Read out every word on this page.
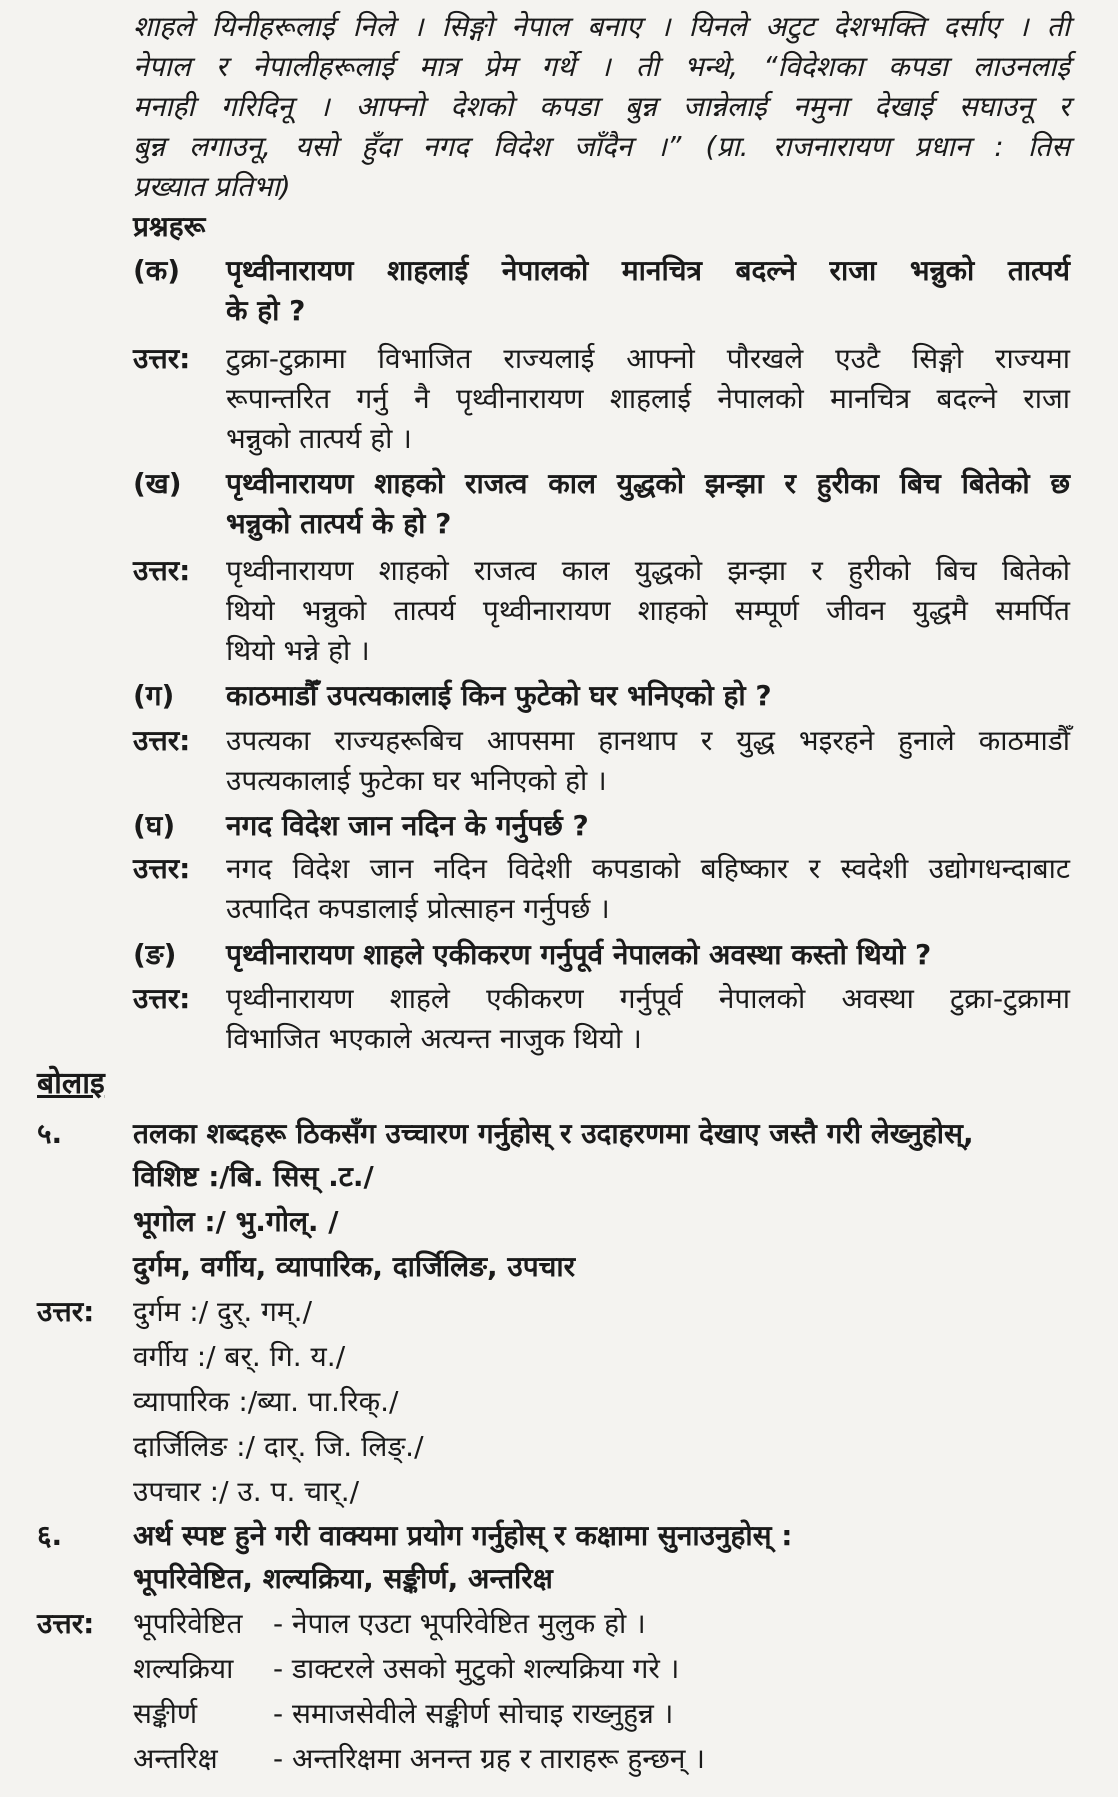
शाहले यिनीहरूलाई निले । सिङ्गो नेपाल बनाए । यिनले अटुट देशभक्ति दर्साए । ती
नेपाल र नेपालीहरूलाई मात्र प्रेम गर्थे । ती भन्थे, “विदेशका कपडा लाउनलाई
मनाही गरिदिनू । आफ्नो देशको कपडा बुन्न जान्नेलाई नमुना देखाई सघाउनू र
बुन्न लगाउनू, यसो हुँदा नगद विदेश जाँदैन ।” (प्रा. राजनारायण प्रधान : तिस
प्रख्यात प्रतिभा)
प्रश्नहरू
(क) पृथ्वीनारायण शाहलाई नेपालको मानचित्र बदल्ने राजा भन्नुको तात्पर्य
के हो ?
उत्तर: टुक्रा-टुक्रामा विभाजित राज्यलाई आफ्नो पौरखले एउटै सिङ्गो राज्यमा
रूपान्तरित गर्नु नै पृथ्वीनारायण शाहलाई नेपालको मानचित्र बदल्ने राजा
भन्नुको तात्पर्य हो ।
(ख) पृथ्वीनारायण शाहको राजत्व काल युद्धको झन्झा र हुरीका बिच बितेको छ
भन्नुको तात्पर्य के हो ?
उत्तर: पृथ्वीनारायण शाहको राजत्व काल युद्धको झन्झा र हुरीको बिच बितेको
थियो भन्नुको तात्पर्य पृथ्वीनारायण शाहको सम्पूर्ण जीवन युद्धमै समर्पित
थियो भन्ने हो ।
(ग) काठमाडौँ उपत्यकालाई किन फुटेको घर भनिएको हो ?
उत्तर: उपत्यका राज्यहरूबिच आपसमा हानथाप र युद्ध भइरहने हुनाले काठमाडौँ
उपत्यकालाई फुटेका घर भनिएको हो ।
(घ) नगद विदेश जान नदिन के गर्नुपर्छ ?
उत्तर: नगद विदेश जान नदिन विदेशी कपडाको बहिष्कार र स्वदेशी उद्योगधन्दाबाट
उत्पादित कपडालाई प्रोत्साहन गर्नुपर्छ ।
(ङ) पृथ्वीनारायण शाहले एकीकरण गर्नुपूर्व नेपालको अवस्था कस्तो थियो ?
उत्तर: पृथ्वीनारायण शाहले एकीकरण गर्नुपूर्व नेपालको अवस्था टुक्रा-टुक्रामा
विभाजित भएकाले अत्यन्त नाजुक थियो ।
बोलाइ
५.	तलका शब्दहरू ठिकसँग उच्चारण गर्नुहोस् र उदाहरणमा देखाए जस्तै गरी लेख्नुहोस्,
विशिष्ट :/बि. सिस् .ट./
भूगोल :/ भु.गोल्. /
दुर्गम, वर्गीय, व्यापारिक, दार्जिलिङ, उपचार
उत्तर: दुर्गम :/ दुर्. गम्./
वर्गीय :/ बर्. गि. य./
व्यापारिक :/ब्या. पा.रिक्./
दार्जिलिङ :/ दार्. जि. लिङ्./
उपचार :/ उ. प. चार्./
६.	अर्थ स्पष्ट हुने गरी वाक्यमा प्रयोग गर्नुहोस् र कक्षामा सुनाउनुहोस् :
भूपरिवेष्टित, शल्यक्रिया, सङ्कीर्ण, अन्तरिक्ष
उत्तर: भूपरिवेष्टित - नेपाल एउटा भूपरिवेष्टित मुलुक हो ।
शल्यक्रिया - डाक्टरले उसको मुटुको शल्यक्रिया गरे ।
सङ्कीर्ण	- समाजसेवीले सङ्कीर्ण सोचाइ राख्नुहुन्न ।
अन्तरिक्ष - अन्तरिक्षमा अनन्त ग्रह र ताराहरू हुन्छन् ।
